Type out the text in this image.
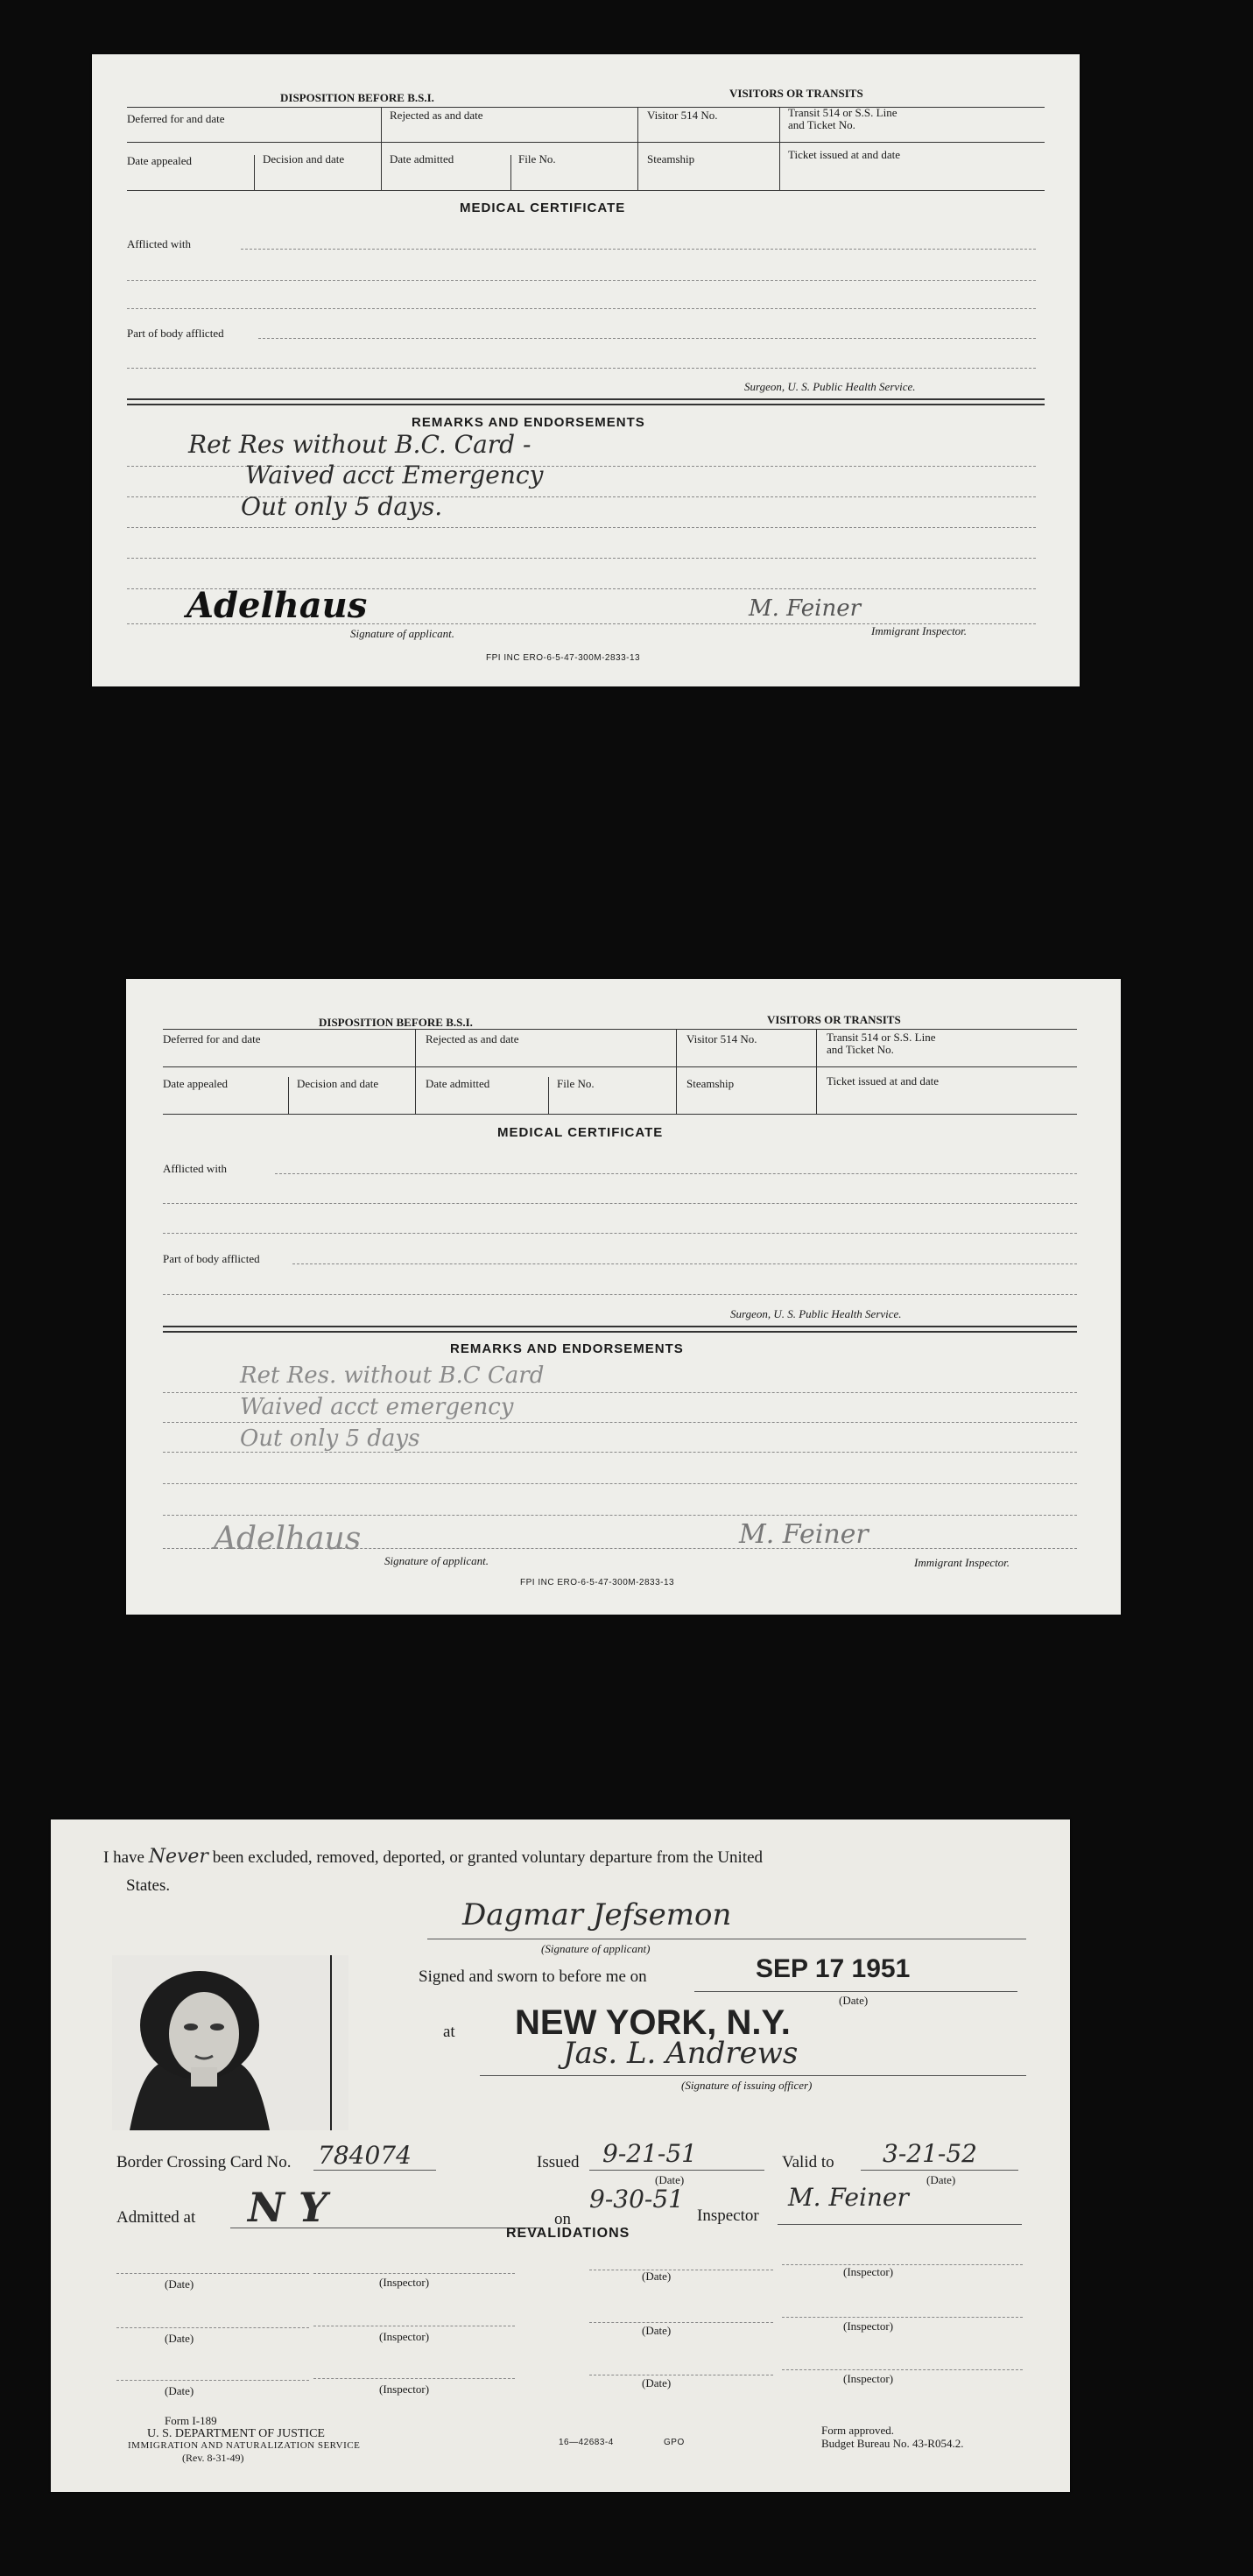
DISPOSITION BEFORE B.S.I.	VISITORS OR TRANSITS
Deferred for and date	Rejected as and date	Visitor 514 No.	Transit 514 or S.S. Line
and Ticket No.
Date appealed	Decision and date	Date admitted	File No.	Steamship	Ticket issued at and date
MEDICAL CERTIFICATE
Afflicted with
Part of body afflicted
Surgeon, U. S. Public Health Service.
REMARKS AND ENDORSEMENTS
Ret Res without B.C. Card -
Waived acct Emergency
Out only 5 days.
Adelhaus	M. Feiner
Signature of applicant.	Immigrant Inspector.
FPI INC ERO-6-5-47-300M-2833-13
DISPOSITION BEFORE B.S.I.	VISITORS OR TRANSITS
Deferred for and date	Rejected as and date	Visitor 514 No.	Transit 514 or S.S. Line
and Ticket No.
Date appealed	Decision and date	Date admitted	File No.	Steamship	Ticket issued at and date
MEDICAL CERTIFICATE
Afflicted with
Part of body afflicted
Surgeon, U. S. Public Health Service.
REMARKS AND ENDORSEMENTS
Ret Res. without B.C Card
Waived acct emergency
Out only 5 days
Adelhaus	M. Feiner
Signature of applicant.	Immigrant Inspector.
FPI INC ERO-6-5-47-300M-2833-13
I have Never been excluded, removed, deported, or granted voluntary departure from the United
States.
Dagmar Jefsemon
(Signature of applicant)
Signed and sworn to before me on	SEP 17 1951
(Date)
at NEW YORK, N.Y.
Jas. L. Andrews
(Signature of issuing officer)
Border Crossing Card No. 784074	Issued 9-21-51
(Date)
Valid to 3-21-52
(Date)
Admitted at N Y	on
9-30-51
Inspector
M. Feiner
REVALIDATIONS
(Date)	(Inspector)	(Date)	(Inspector)
(Date)	(Inspector)	(Date)	(Inspector)
(Date)	(Inspector)	(Date)	(Inspector)
Form I-189
U. S. DEPARTMENT OF JUSTICE
IMMIGRATION AND NATURALIZATION SERVICE
(Rev. 8-31-49)
16—42683-4	GPO
Form approved.
Budget Bureau No. 43-R054.2.
